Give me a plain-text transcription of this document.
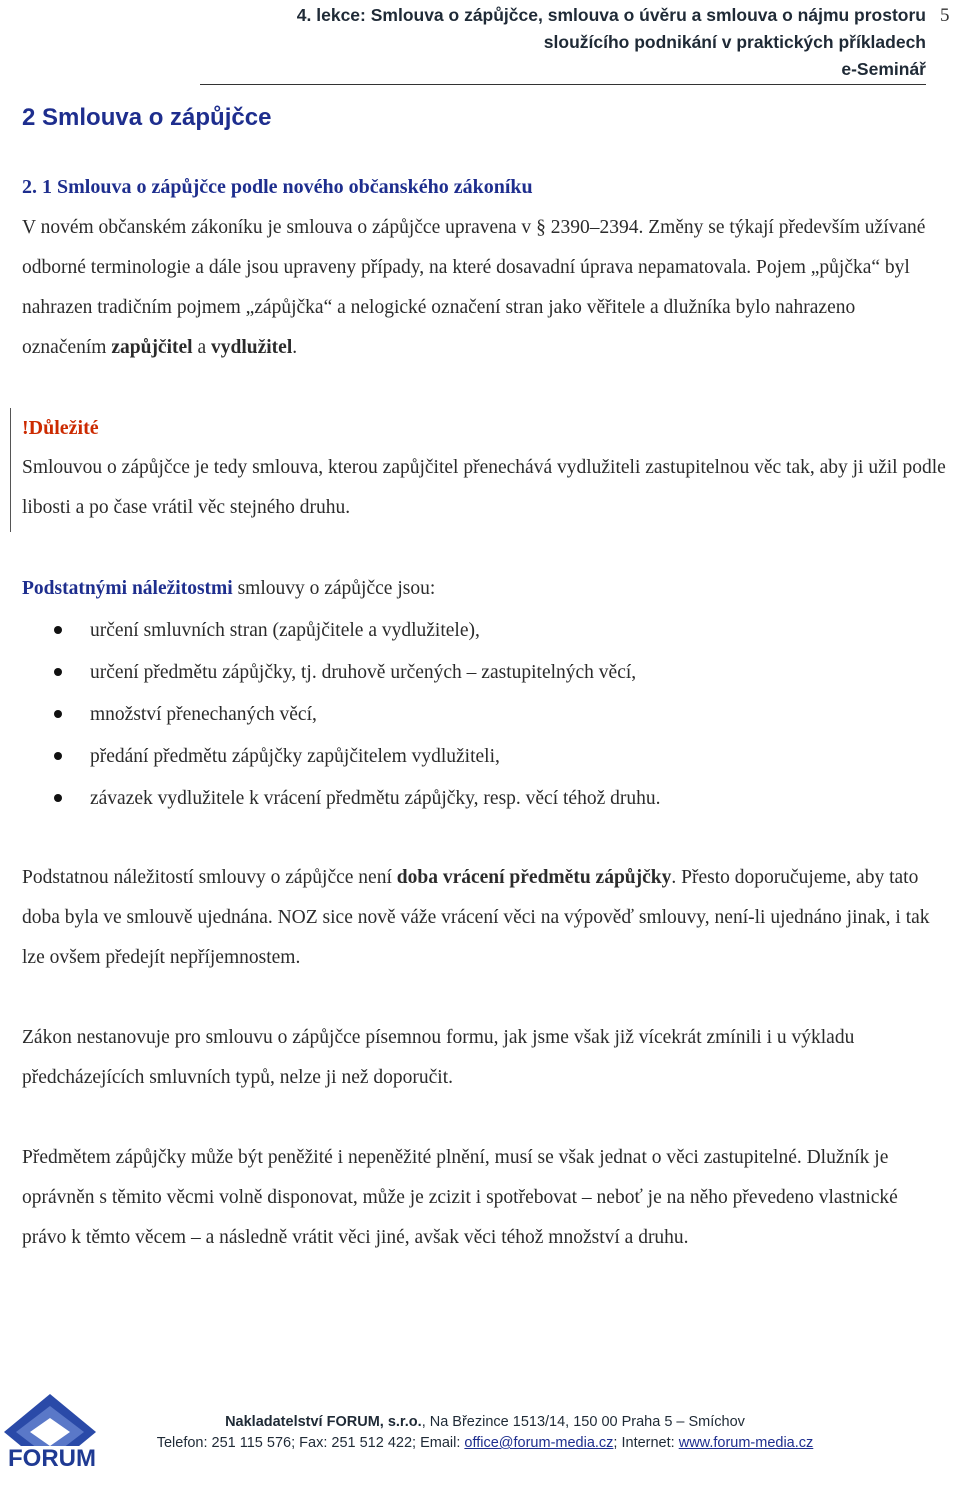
4. lekce: Smlouva o zápůjčce, smlouva o úvěru a smlouva o nájmu prostoru
sloužícího podnikání v praktických příkladech
e-Seminář
5
2 Smlouva o zápůjčce
2. 1 Smlouva o zápůjčce podle nového občanského zákoníku

V novém občanském zákoníku je smlouva o zápůjčce upravena v § 2390–2394. Změny se týkají především užívané odborné terminologie a dále jsou upraveny případy, na které dosavadní úprava nepamatovala. Pojem „půjčka“ byl nahrazen tradičním pojmem „zápůjčka“ a nelogické označení stran jako věřitele a dlužníka bylo nahrazeno označením zapůjčitel a vydlužitel.

!Důležité
Smlouvou o zápůjčce je tedy smlouva, kterou zapůjčitel přenechává vydlužiteli zastupitelnou věc tak, aby ji užil podle libosti a po čase vrátil věc stejného druhu.

Podstatnými náležitostmi smlouvy o zápůjčce jsou:

určení smluvních stran (zapůjčitele a vydlužitele),
určení předmětu zápůjčky, tj. druhově určených – zastupitelných věcí,
množství přenechaných věcí,
předání předmětu zápůjčky zapůjčitelem vydlužiteli,
závazek vydlužitele k vrácení předmětu zápůjčky, resp. věcí téhož druhu.

Podstatnou náležitostí smlouvy o zápůjčce není doba vrácení předmětu zápůjčky. Přesto doporučujeme, aby tato doba byla ve smlouvě ujednána. NOZ sice nově váže vrácení věci na výpověď smlouvy, není-li ujednáno jinak, i tak lze ovšem předejít nepříjemnostem.

Zákon nestanovuje pro smlouvu o zápůjčce písemnou formu, jak jsme však již vícekrát zmínili i u výkladu předcházejících smluvních typů, nelze ji než doporučit.

Předmětem zápůjčky může být peněžité i nepeněžité plnění, musí se však jednat o věci zastupitelné. Dlužník je oprávněn s těmito věcmi volně disponovat, může je zcizit i spotřebovat – neboť je na něho převedeno vlastnické právo k těmto věcem – a následně vrátit věci jiné, avšak věci téhož množství a druhu.

FORUM
Nakladatelství FORUM, s.r.o., Na Březince 1513/14, 150 00 Praha 5 – Smíchov
Telefon: 251 115 576; Fax: 251 512 422; Email: office@forum-media.cz; Internet: www.forum-media.cz
